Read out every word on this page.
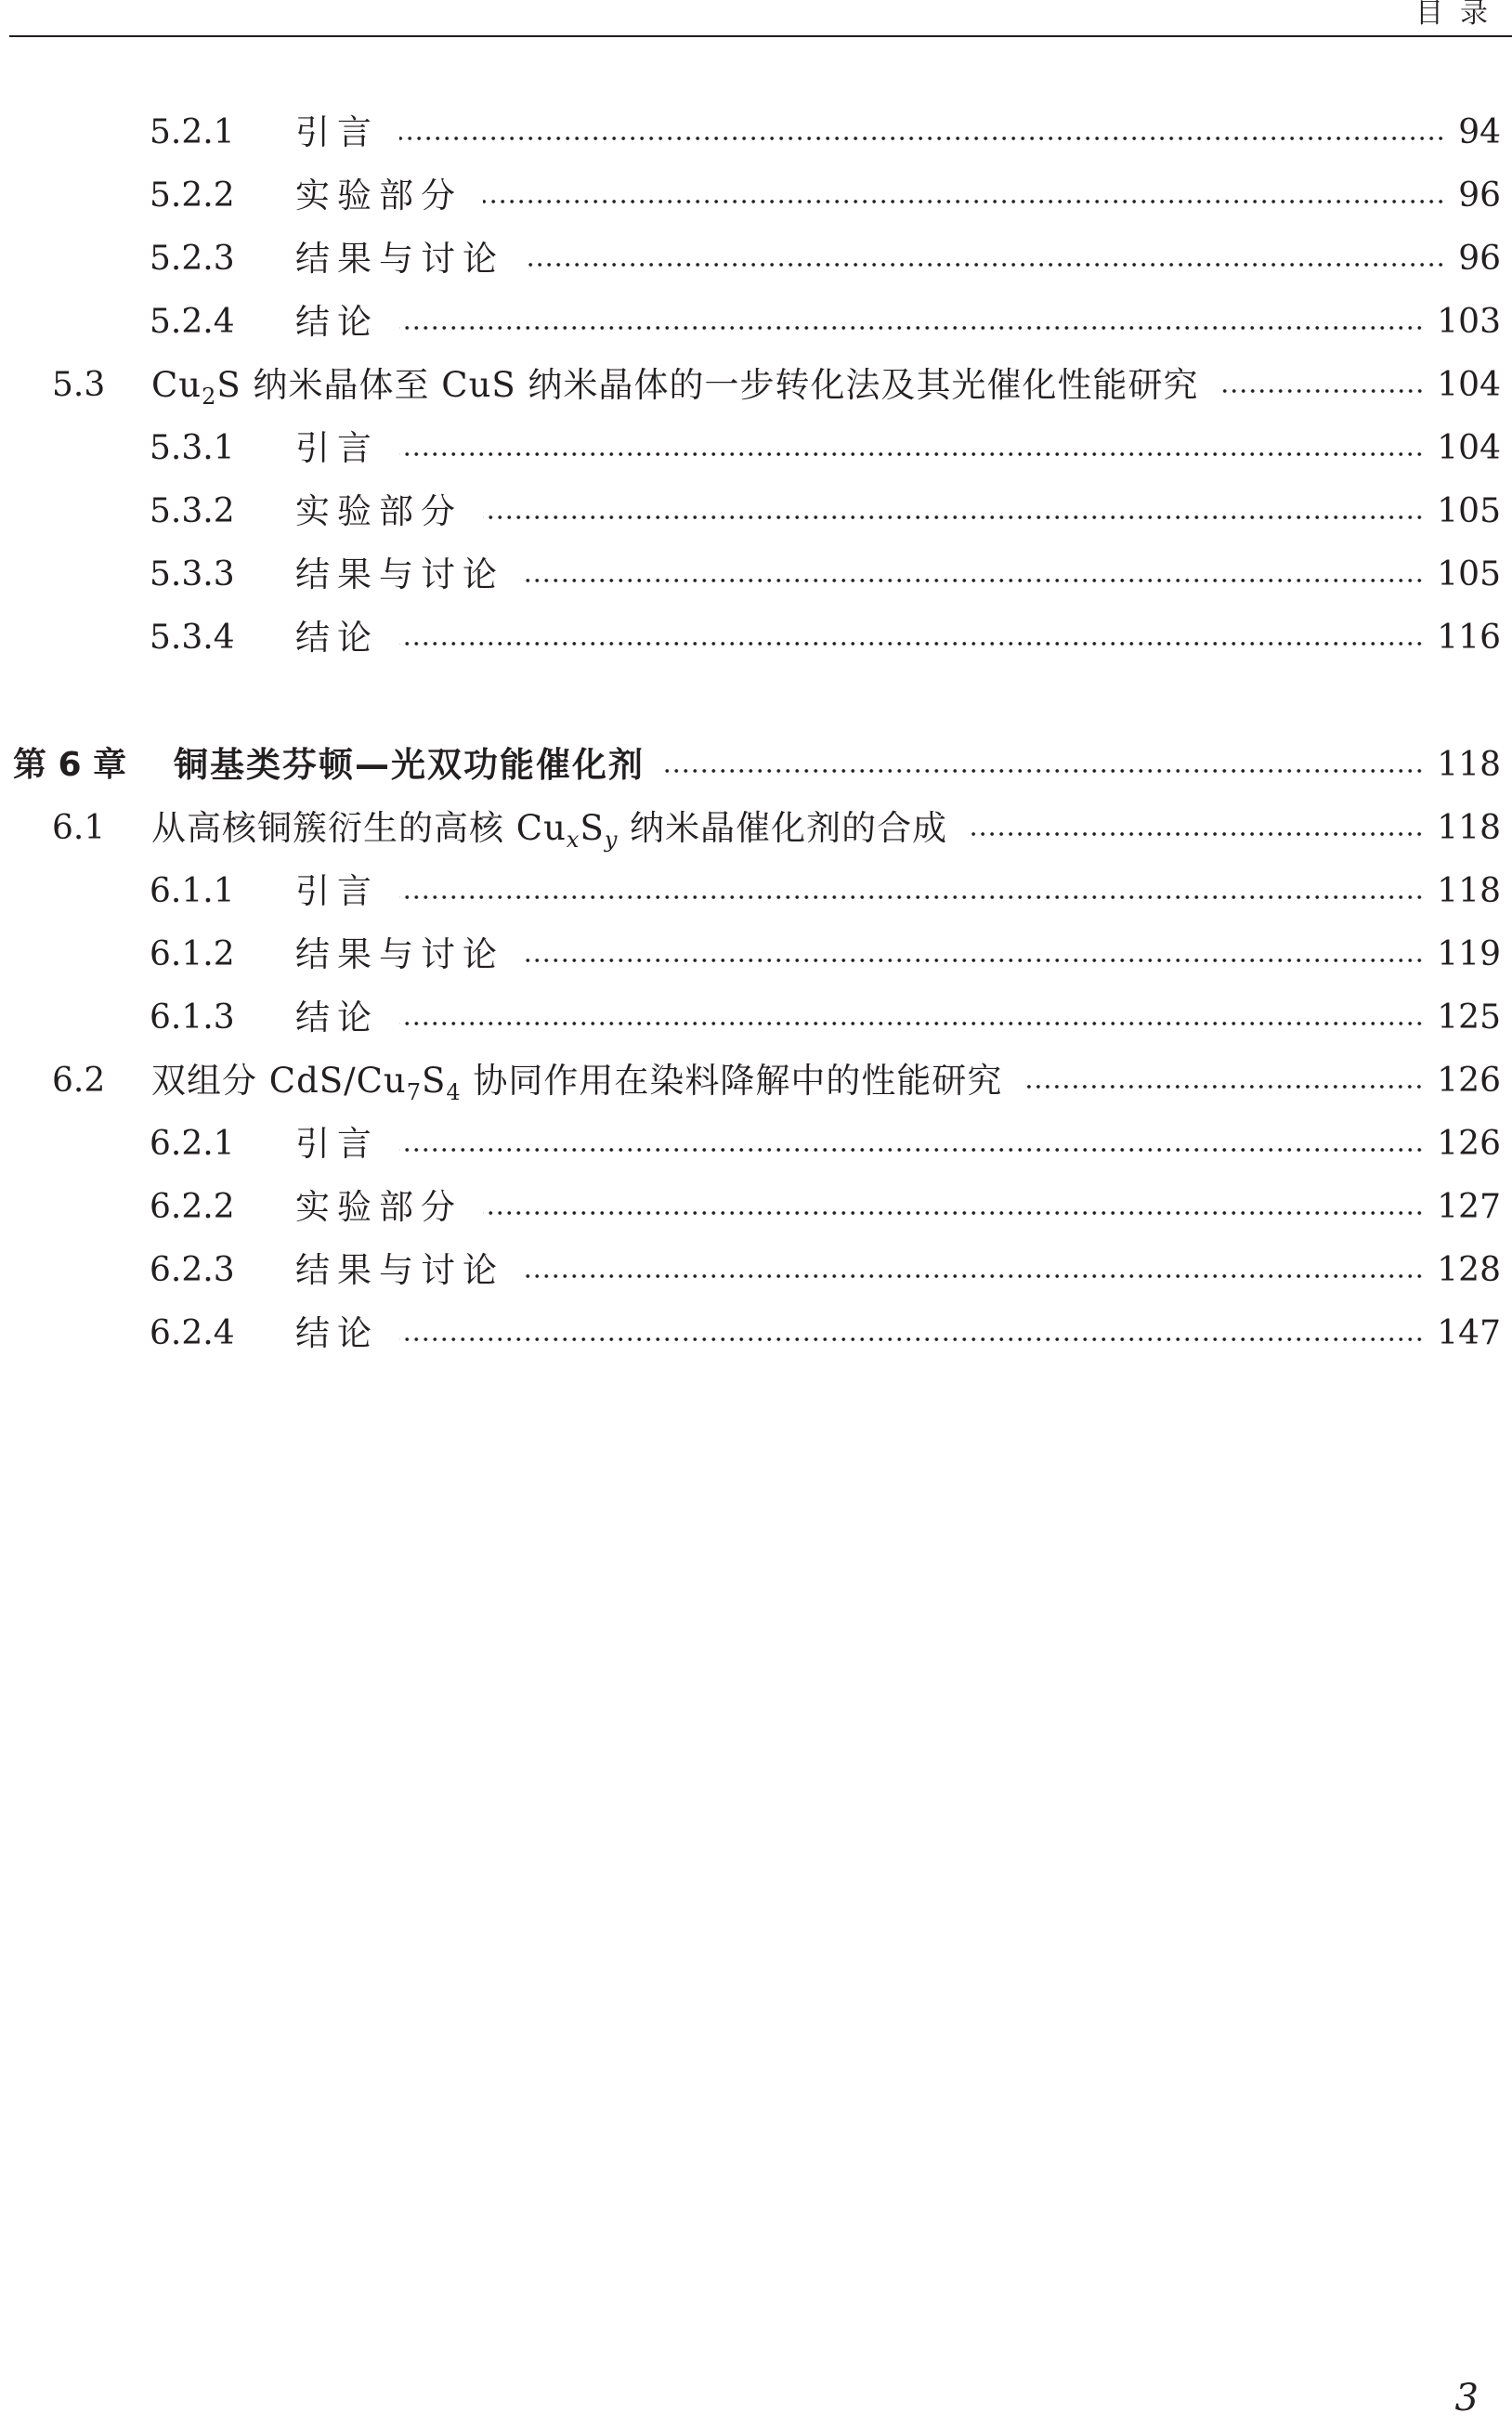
目录
5.2.1 引言	94
5.2.2 实验部分	96
5.2.3 结果与讨论	96
5.2.4 结论	103
5.3 $Cu_2S$ 纳米晶体至 CuS 纳米晶体的一步转化法及其光催化性能研究	104
5.3.1 引言	104
5.3.2 实验部分	105
5.3.3 结果与讨论	105
5.3.4 结论	116
第 6 章 铜基类芬顿—光双功能催化剂	118
6.1 从高核铜簇衍生的高核 $Cu_xS_y$ 纳米晶催化剂的合成	118
6.1.1 引言	118
6.1.2 结果与讨论	119
6.1.3 结论	125
6.2 双组分 CdS/$Cu_7S_4$ 协同作用在染料降解中的性能研究	126
6.2.1 引言	126
6.2.2 实验部分	127
6.2.3 结果与讨论	128
6.2.4 结论	147
3
